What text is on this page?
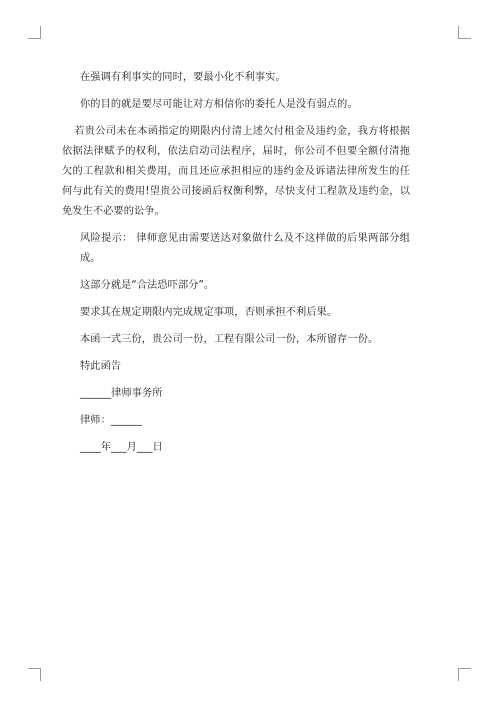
在强调有利事实的同时，要最小化不利事实。

你的目的就是要尽可能让对方相信你的委托人是没有弱点的。

若贵公司未在本函指定的期限内付清上述欠付租金及违约金，我方将根据依据法律赋予的权利，依法启动司法程序，届时，你公司不但要全额付清拖欠的工程款和相关费用，而且还应承担相应的违约金及诉诸法律所发生的任何与此有关的费用!望贵公司接函后权衡利弊，尽快支付工程款及违约金，以免发生不必要的讼争。

风险提示： 律师意见由需要送达对象做什么及不这样做的后果两部分组成。

这部分就是“合法恐吓部分”。

要求其在规定期限内完成规定事项，否则承担不利后果。

本函一式三份，贵公司一份，工程有限公司一份，本所留存一份。

特此函告

______律师事务所

律师：______

____年___月___日
